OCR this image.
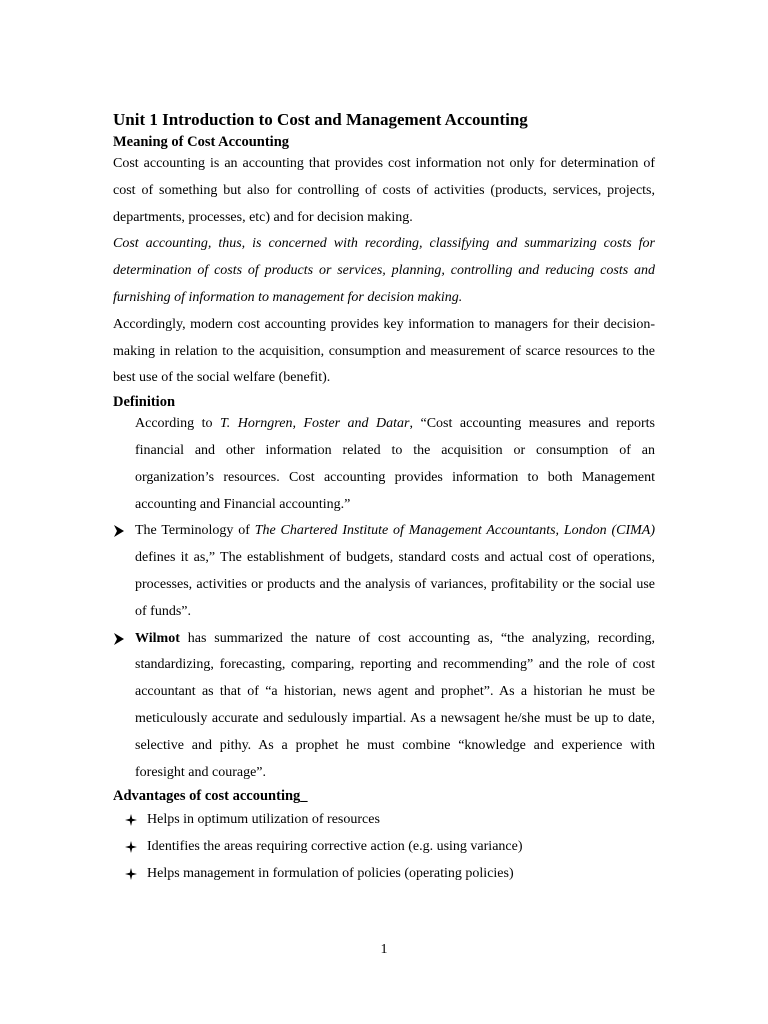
Unit 1 Introduction to Cost and Management Accounting
Meaning of Cost Accounting

Cost accounting is an accounting that provides cost information not only for determination of cost of something but also for controlling of costs of activities (products, services, projects, departments, processes, etc) and for decision making.

Cost accounting, thus, is concerned with recording, classifying and summarizing costs for determination of costs of products or services, planning, controlling and reducing costs and furnishing of information to management for decision making.

Accordingly, modern cost accounting provides key information to managers for their decision-making in relation to the acquisition, consumption and measurement of scarce resources to the best use of the social welfare (benefit).

Definition

According to T. Horngren, Foster and Datar, “Cost accounting measures and reports financial and other information related to the acquisition or consumption of an organization’s resources. Cost accounting provides information to both Management accounting and Financial accounting.”

The Terminology of The Chartered Institute of Management Accountants, London (CIMA) defines it as,” The establishment of budgets, standard costs and actual cost of operations, processes, activities or products and the analysis of variances, profitability or the social use of funds”.

Wilmot has summarized the nature of cost accounting as, “the analyzing, recording, standardizing, forecasting, comparing, reporting and recommending” and the role of cost accountant as that of “a historian, news agent and prophet”. As a historian he must be meticulously accurate and sedulously impartial. As a newsagent he/she must be up to date, selective and pithy. As a prophet he must combine “knowledge and experience with foresight and courage”.

Advantages of cost accounting_
Helps in optimum utilization of resources
Identifies the areas requiring corrective action (e.g. using variance)
Helps management in formulation of policies (operating policies)
1
